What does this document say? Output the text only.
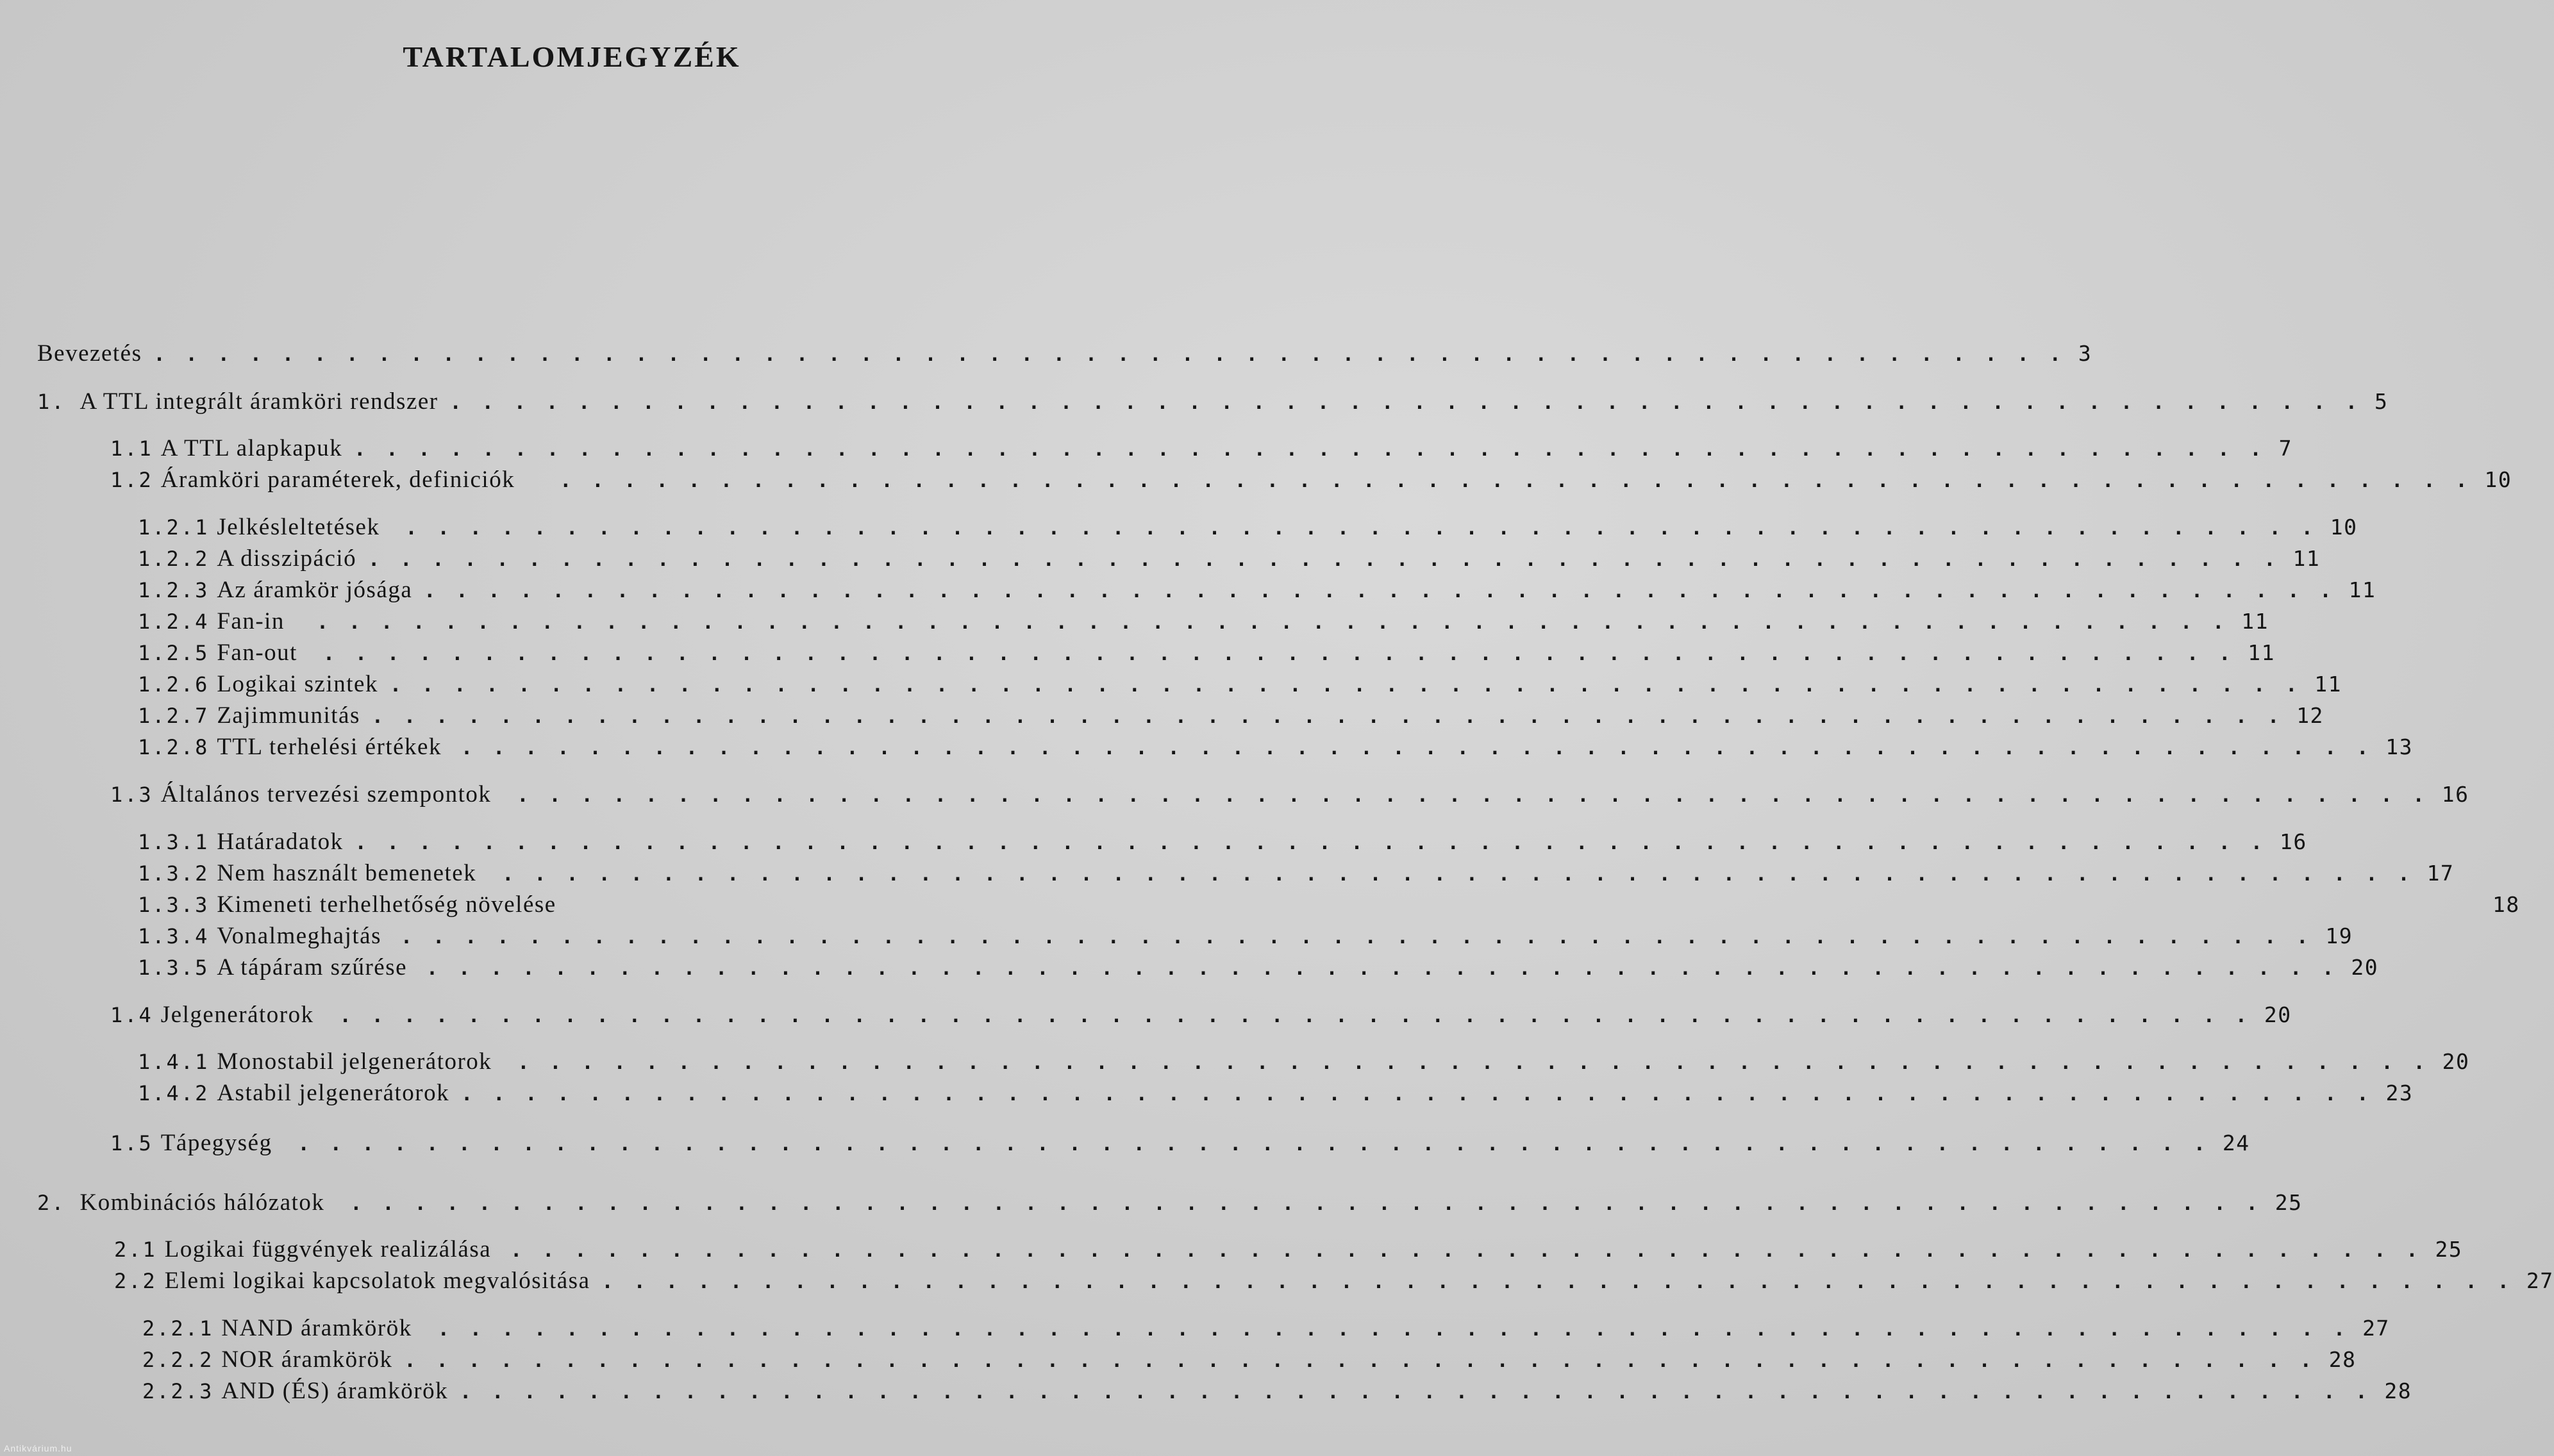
TARTALOMJEGYZÉK
Bevezetés . . . . . . . . . . . . . . . . . . . . . . . . . . . . . . . . . . . . . . . . . . . . . . . . . . . . . . . . . . . . 3
1. A TTL integrált áramköri rendszer . . . . . . . . . . . . . . . . . . . . . . . . . . . . . . . . . . . . . . . . . . . . . . . . . . . . . . . . . . . . 5
1.1 A TTL alapkapuk . . . . . . . . . . . . . . . . . . . . . . . . . . . . . . . . . . . . . . . . . . . . . . . . . . . . . . . . . . . . 7
1.2 Áramköri paraméterek, definiciók . . . . . . . . . . . . . . . . . . . . . . . . . . . . . . . . . . . . . . . . . . . . . . . . . . . . . . . . . . . . 10
1.2.1 Jelkésleltetések . . . . . . . . . . . . . . . . . . . . . . . . . . . . . . . . . . . . . . . . . . . . . . . . . . . . . . . . . . . . 10
1.2.2 A disszipáció . . . . . . . . . . . . . . . . . . . . . . . . . . . . . . . . . . . . . . . . . . . . . . . . . . . . . . . . . . . . 11
1.2.3 Az áramkör jósága . . . . . . . . . . . . . . . . . . . . . . . . . . . . . . . . . . . . . . . . . . . . . . . . . . . . . . . . . . . . 11
1.2.4 Fan-in . . . . . . . . . . . . . . . . . . . . . . . . . . . . . . . . . . . . . . . . . . . . . . . . . . . . . . . . . . . . 11
1.2.5 Fan-out . . . . . . . . . . . . . . . . . . . . . . . . . . . . . . . . . . . . . . . . . . . . . . . . . . . . . . . . . . . . 11
1.2.6 Logikai szintek . . . . . . . . . . . . . . . . . . . . . . . . . . . . . . . . . . . . . . . . . . . . . . . . . . . . . . . . . . . . 11
1.2.7 Zajimmunitás . . . . . . . . . . . . . . . . . . . . . . . . . . . . . . . . . . . . . . . . . . . . . . . . . . . . . . . . . . . . 12
1.2.8 TTL terhelési értékek . . . . . . . . . . . . . . . . . . . . . . . . . . . . . . . . . . . . . . . . . . . . . . . . . . . . . . . . . . . . 13
1.3 Általános tervezési szempontok . . . . . . . . . . . . . . . . . . . . . . . . . . . . . . . . . . . . . . . . . . . . . . . . . . . . . . . . . . . . 16
1.3.1 Határadatok . . . . . . . . . . . . . . . . . . . . . . . . . . . . . . . . . . . . . . . . . . . . . . . . . . . . . . . . . . . . 16
1.3.2 Nem használt bemenetek . . . . . . . . . . . . . . . . . . . . . . . . . . . . . . . . . . . . . . . . . . . . . . . . . . . . . . . . . . . . 17
1.3.3 Kimeneti terhelhetőség növelése	18
1.3.4 Vonalmeghajtás . . . . . . . . . . . . . . . . . . . . . . . . . . . . . . . . . . . . . . . . . . . . . . . . . . . . . . . . . . . . 19
1.3.5 A tápáram szűrése . . . . . . . . . . . . . . . . . . . . . . . . . . . . . . . . . . . . . . . . . . . . . . . . . . . . . . . . . . . . 20
1.4 Jelgenerátorok . . . . . . . . . . . . . . . . . . . . . . . . . . . . . . . . . . . . . . . . . . . . . . . . . . . . . . . . . . . . 20
1.4.1 Monostabil jelgenerátorok . . . . . . . . . . . . . . . . . . . . . . . . . . . . . . . . . . . . . . . . . . . . . . . . . . . . . . . . . . . . 20
1.4.2 Astabil jelgenerátorok . . . . . . . . . . . . . . . . . . . . . . . . . . . . . . . . . . . . . . . . . . . . . . . . . . . . . . . . . . . . 23
1.5 Tápegység . . . . . . . . . . . . . . . . . . . . . . . . . . . . . . . . . . . . . . . . . . . . . . . . . . . . . . . . . . . . 24
2. Kombinációs hálózatok . . . . . . . . . . . . . . . . . . . . . . . . . . . . . . . . . . . . . . . . . . . . . . . . . . . . . . . . . . . . 25
2.1 Logikai függvények realizálása . . . . . . . . . . . . . . . . . . . . . . . . . . . . . . . . . . . . . . . . . . . . . . . . . . . . . . . . . . . . 25
2.2 Elemi logikai kapcsolatok megvalósitása . . . . . . . . . . . . . . . . . . . . . . . . . . . . . . . . . . . . . . . . . . . . . . . . . . . . . . . . . . . . 27
2.2.1 NAND áramkörök . . . . . . . . . . . . . . . . . . . . . . . . . . . . . . . . . . . . . . . . . . . . . . . . . . . . . . . . . . . . 27
2.2.2 NOR áramkörök . . . . . . . . . . . . . . . . . . . . . . . . . . . . . . . . . . . . . . . . . . . . . . . . . . . . . . . . . . . . 28
2.2.3 AND (ÉS) áramkörök . . . . . . . . . . . . . . . . . . . . . . . . . . . . . . . . . . . . . . . . . . . . . . . . . . . . . . . . . . . . 28
Antikvárium.hu
